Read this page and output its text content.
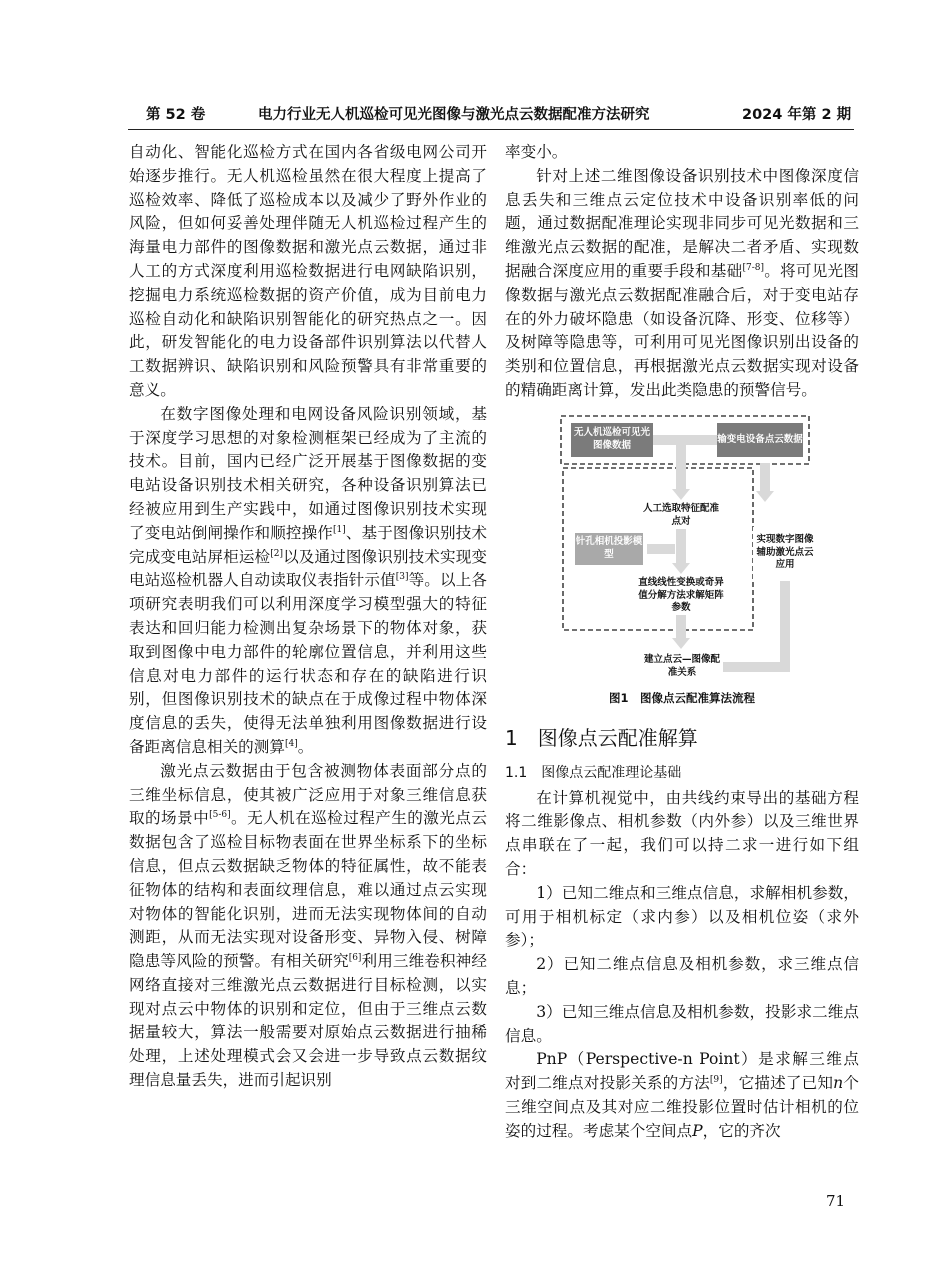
第 52 卷	电力行业无人机巡检可见光图像与激光点云数据配准方法研究	2024 年第 2 期

自动化、智能化巡检方式在国内各省级电网公司开始逐步推行。无人机巡检虽然在很大程度上提高了巡检效率、降低了巡检成本以及减少了野外作业的风险，但如何妥善处理伴随无人机巡检过程产生的海量电力部件的图像数据和激光点云数据，通过非人工的方式深度利用巡检数据进行电网缺陷识别，挖掘电力系统巡检数据的资产价值，成为目前电力巡检自动化和缺陷识别智能化的研究热点之一。因此，研发智能化的电力设备部件识别算法以代替人工数据辨识、缺陷识别和风险预警具有非常重要的意义。

在数字图像处理和电网设备风险识别领域，基于深度学习思想的对象检测框架已经成为了主流的技术。目前，国内已经广泛开展基于图像数据的变电站设备识别技术相关研究，各种设备识别算法已经被应用到生产实践中，如通过图像识别技术实现了变电站倒闸操作和顺控操作[1]、基于图像识别技术完成变电站屏柜运检[2]以及通过图像识别技术实现变电站巡检机器人自动读取仪表指针示值[3]等。以上各项研究表明我们可以利用深度学习模型强大的特征表达和回归能力检测出复杂场景下的物体对象，获取到图像中电力部件的轮廓位置信息，并利用这些信息对电力部件的运行状态和存在的缺陷进行识别，但图像识别技术的缺点在于成像过程中物体深度信息的丢失，使得无法单独利用图像数据进行设备距离信息相关的测算[4]。

激光点云数据由于包含被测物体表面部分点的三维坐标信息，使其被广泛应用于对象三维信息获取的场景中[5-6]。无人机在巡检过程产生的激光点云数据包含了巡检目标物表面在世界坐标系下的坐标信息，但点云数据缺乏物体的特征属性，故不能表征物体的结构和表面纹理信息，难以通过点云实现对物体的智能化识别，进而无法实现物体间的自动测距，从而无法实现对设备形变、异物入侵、树障隐患等风险的预警。有相关研究[6]利用三维卷积神经网络直接对三维激光点云数据进行目标检测，以实现对点云中物体的识别和定位，但由于三维点云数据量较大，算法一般需要对原始点云数据进行抽稀处理，上述处理模式会又会进一步导致点云数据纹理信息量丢失，进而引起识别

率变小。

针对上述二维图像设备识别技术中图像深度信息丢失和三维点云定位技术中设备识别率低的问题，通过数据配准理论实现非同步可见光数据和三维激光点云数据的配准，是解决二者矛盾、实现数据融合深度应用的重要手段和基础[7-8]。将可见光图像数据与激光点云数据配准融合后，对于变电站存在的外力破坏隐患（如设备沉降、形变、位移等）及树障等隐患等，可利用可见光图像识别出设备的类别和位置信息，再根据激光点云数据实现对设备的精确距离计算，发出此类隐患的预警信号。

无人机巡检可见光图像数据
输变电设备点云数据
人工选取特征配准点对
针孔相机投影模型
直线线性变换或奇异值分解方法求解矩阵参数
实现数字图像辅助激光点云应用
建立点云—图像配准关系
图1　图像点云配准算法流程
1　图像点云配准解算
1.1　图像点云配准理论基础

在计算机视觉中，由共线约束导出的基础方程将二维影像点、相机参数（内外参）以及三维世界点串联在了一起，我们可以持二求一进行如下组合：

1）已知二维点和三维点信息，求解相机参数，可用于相机标定（求内参）以及相机位姿（求外参）；

2）已知二维点信息及相机参数，求三维点信息；

3）已知三维点信息及相机参数，投影求二维点信息。

PnP（Perspective-n Point）是求解三维点对到二维点对投影关系的方法[9]，它描述了已知n个三维空间点及其对应二维投影位置时估计相机的位姿的过程。考虑某个空间点P，它的齐次

71
